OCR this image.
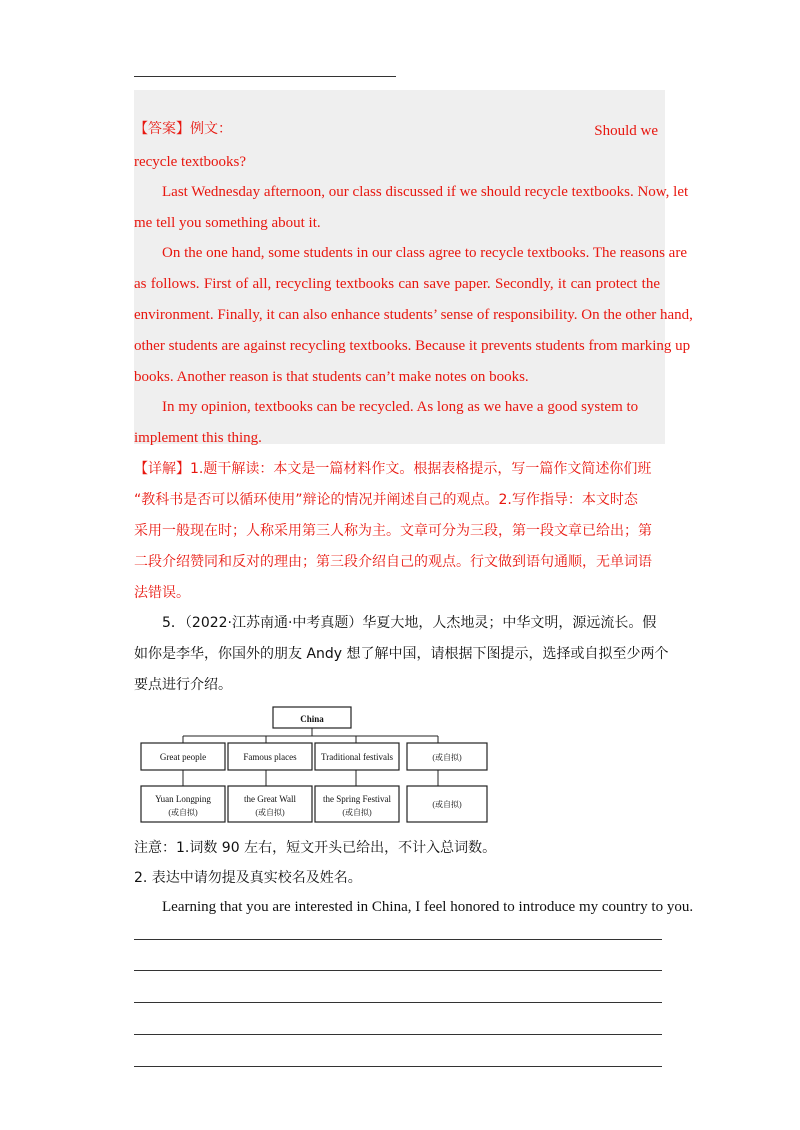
【答案】例文：	Should we
recycle textbooks?
Last Wednesday afternoon, our class discussed if we should recycle textbooks. Now, let
me tell you something about it.
On the one hand, some students in our class agree to recycle textbooks. The reasons are
as follows. First of all, recycling textbooks can save paper. Secondly, it can protect the
environment. Finally, it can also enhance students’ sense of responsibility. On the other hand,
other students are against recycling textbooks. Because it prevents students from marking up
books. Another reason is that students can’t make notes on books.
In my opinion, textbooks can be recycled. As long as we have a good system to
implement this thing.
【详解】1.题干解读：本文是一篇材料作文。根据表格提示，写一篇作文简述你们班
“教科书是否可以循环使用”辩论的情况并阐述自己的观点。2.写作指导：本文时态
采用一般现在时；人称采用第三人称为主。文章可分为三段，第一段文章已给出；第
二段介绍赞同和反对的理由；第三段介绍自己的观点。行文做到语句通顺，无单词语
法错误。
5．（2022·江苏南通·中考真题）华夏大地，人杰地灵；中华文明，源远流长。假
如你是李华，你国外的朋友 Andy 想了解中国，请根据下图提示，选择或自拟至少两个
要点进行介绍。
China
Great people	Famous places	Traditional festivals	(或自拟)
Yuan Longping
(或自拟)
the Great Wall
(或自拟)
the Spring Festival
(或自拟)
(或自拟)
注意：1.词数 90 左右，短文开头已给出，不计入总词数。
2. 表达中请勿提及真实校名及姓名。
Learning that you are interested in China, I feel honored to introduce my country to you.
